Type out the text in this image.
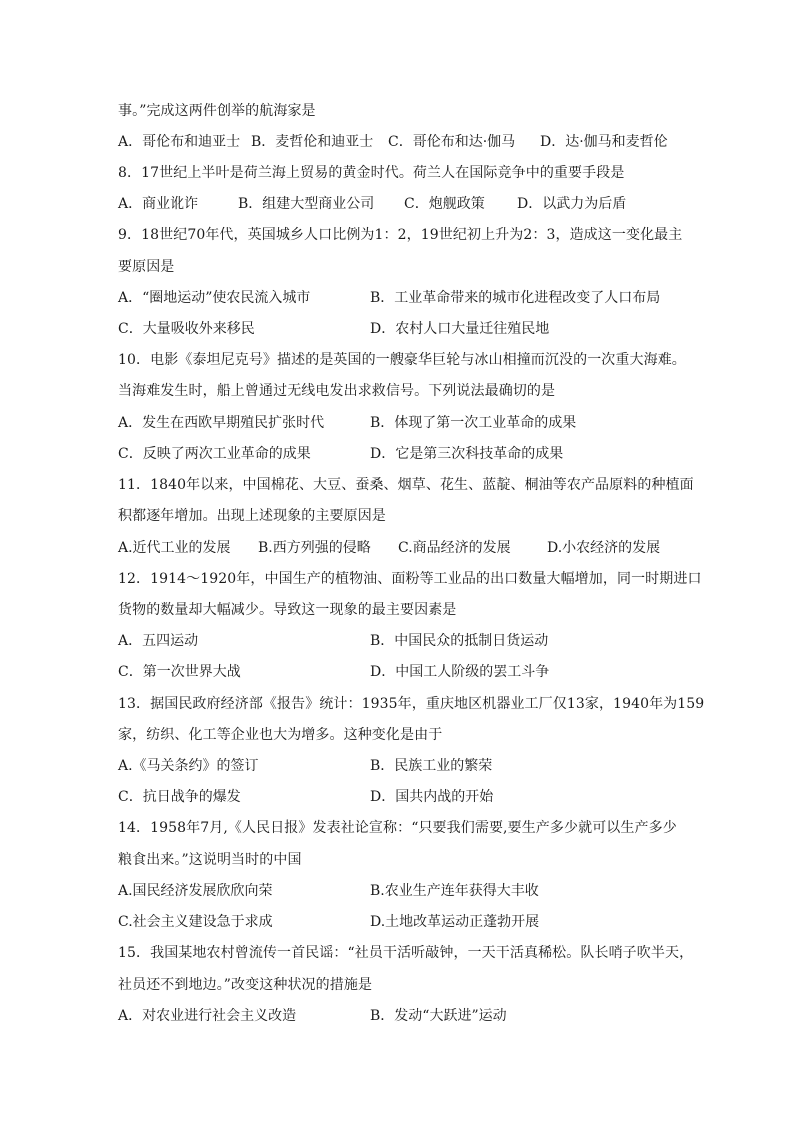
事。”完成这两件创举的航海家是
A．哥伦布和迪亚士 B．麦哲伦和迪亚士 C．哥伦布和达·伽马 D．达·伽马和麦哲伦
8．17世纪上半叶是荷兰海上贸易的黄金时代。荷兰人在国际竞争中的重要手段是
A．商业讹诈	B．组建大型商业公司 C．炮舰政策 D．以武力为后盾
9．18世纪70年代，英国城乡人口比例为1：2，19世纪初上升为2：3，造成这一变化最主
要原因是
A．“圈地运动”使农民流入城市	B．工业革命带来的城市化进程改变了人口布局
C．大量吸收外来移民	D．农村人口大量迁往殖民地
10．电影《泰坦尼克号》描述的是英国的一艘豪华巨轮与冰山相撞而沉没的一次重大海难。
当海难发生时，船上曾通过无线电发出求救信号。下列说法最确切的是
A．发生在西欧早期殖民扩张时代	B．体现了第一次工业革命的成果
C．反映了两次工业革命的成果	D．它是第三次科技革命的成果
11．1840年以来，中国棉花、大豆、蚕桑、烟草、花生、蓝靛、桐油等农产品原料的种植面
积都逐年增加。出现上述现象的主要原因是
A.近代工业的发展 B.西方列强的侵略 C.商品经济的发展	D.小农经济的发展
12．1914～1920年，中国生产的植物油、面粉等工业品的出口数量大幅增加，同一时期进口
货物的数量却大幅减少。导致这一现象的最主要因素是
A．五四运动	B．中国民众的抵制日货运动
C．第一次世界大战	D．中国工人阶级的罢工斗争
13．据国民政府经济部《报告》统计：1935年，重庆地区机器业工厂仅13家，1940年为159
家，纺织、化工等企业也大为增多。这种变化是由于
A.《马关条约》的签订	B．民族工业的繁荣
C．抗日战争的爆发	D．国共内战的开始
14．1958年7月,《人民日报》发表社论宣称：“只要我们需要,要生产多少就可以生产多少
粮食出来。”这说明当时的中国
A.国民经济发展欣欣向荣	B.农业生产连年获得大丰收
C.社会主义建设急于求成	D.土地改革运动正蓬勃开展
15．我国某地农村曾流传一首民谣：“社员干活听敲钟，一天干活真稀松。队长哨子吹半天，
社员还不到地边。”改变这种状况的措施是
A．对农业进行社会主义改造	B．发动“大跃进”运动
